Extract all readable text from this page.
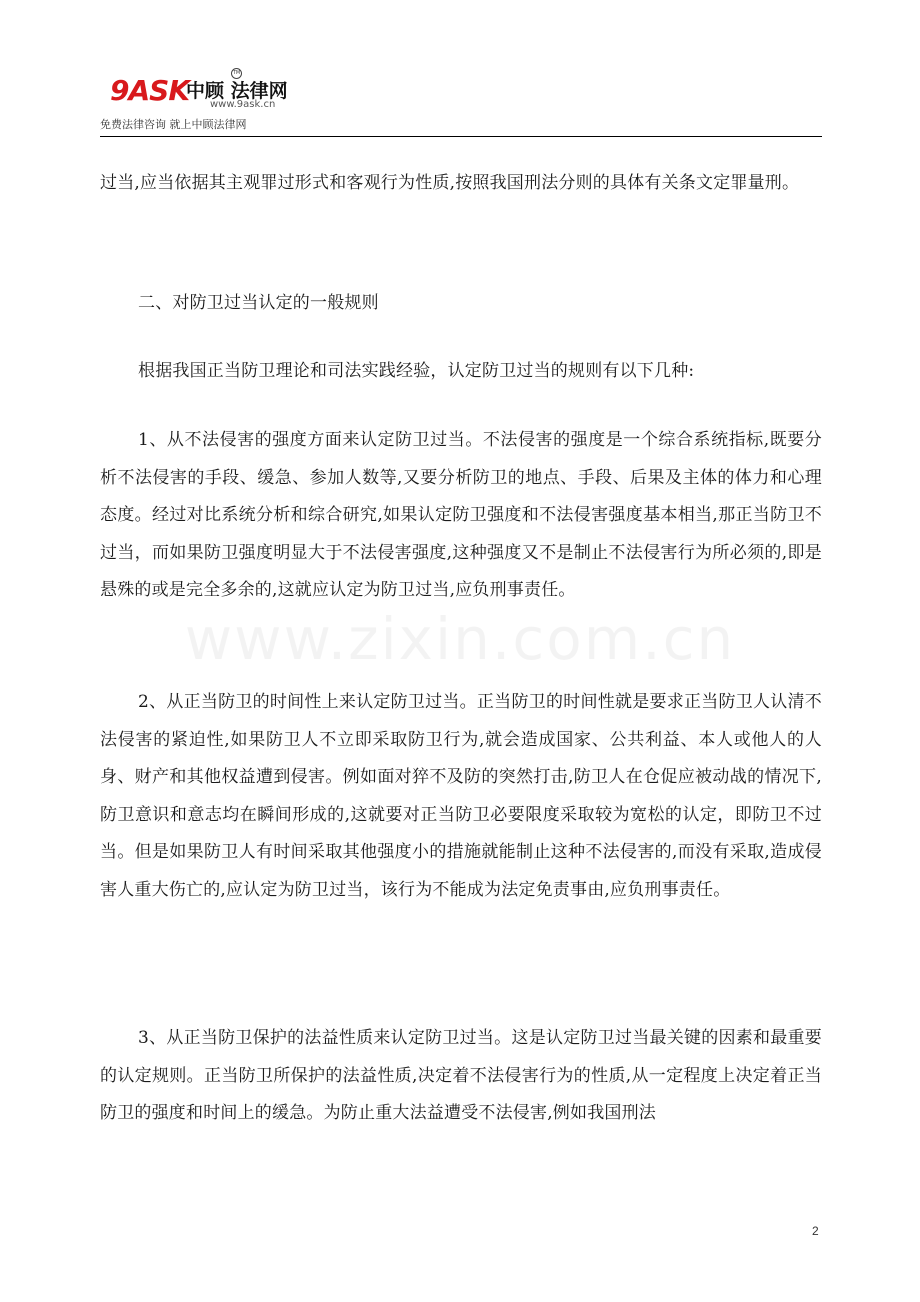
9ASK
中顾 法律网
TM
www.9ask.cn
免费法律咨询 就上中顾法律网

过当,应当依据其主观罪过形式和客观行为性质,按照我国刑法分则的具体有关条文定罪量刑。

二、对防卫过当认定的一般规则

根据我国正当防卫理论和司法实践经验，认定防卫过当的规则有以下几种:

1、从不法侵害的强度方面来认定防卫过当。不法侵害的强度是一个综合系统指标,既要分析不法侵害的手段、缓急、参加人数等,又要分析防卫的地点、手段、后果及主体的体力和心理态度。经过对比系统分析和综合研究,如果认定防卫强度和不法侵害强度基本相当,那正当防卫不过当，而如果防卫强度明显大于不法侵害强度,这种强度又不是制止不法侵害行为所必须的,即是悬殊的或是完全多余的,这就应认定为防卫过当,应负刑事责任。

2、从正当防卫的时间性上来认定防卫过当。正当防卫的时间性就是要求正当防卫人认清不法侵害的紧迫性,如果防卫人不立即采取防卫行为,就会造成国家、公共利益、本人或他人的人身、财产和其他权益遭到侵害。例如面对猝不及防的突然打击,防卫人在仓促应被动战的情况下,防卫意识和意志均在瞬间形成的,这就要对正当防卫必要限度采取较为宽松的认定，即防卫不过当。但是如果防卫人有时间采取其他强度小的措施就能制止这种不法侵害的,而没有采取,造成侵害人重大伤亡的,应认定为防卫过当，该行为不能成为法定免责事由,应负刑事责任。

3、从正当防卫保护的法益性质来认定防卫过当。这是认定防卫过当最关键的因素和最重要的认定规则。正当防卫所保护的法益性质,决定着不法侵害行为的性质,从一定程度上决定着正当防卫的强度和时间上的缓急。为防止重大法益遭受不法侵害,例如我国刑法

2
